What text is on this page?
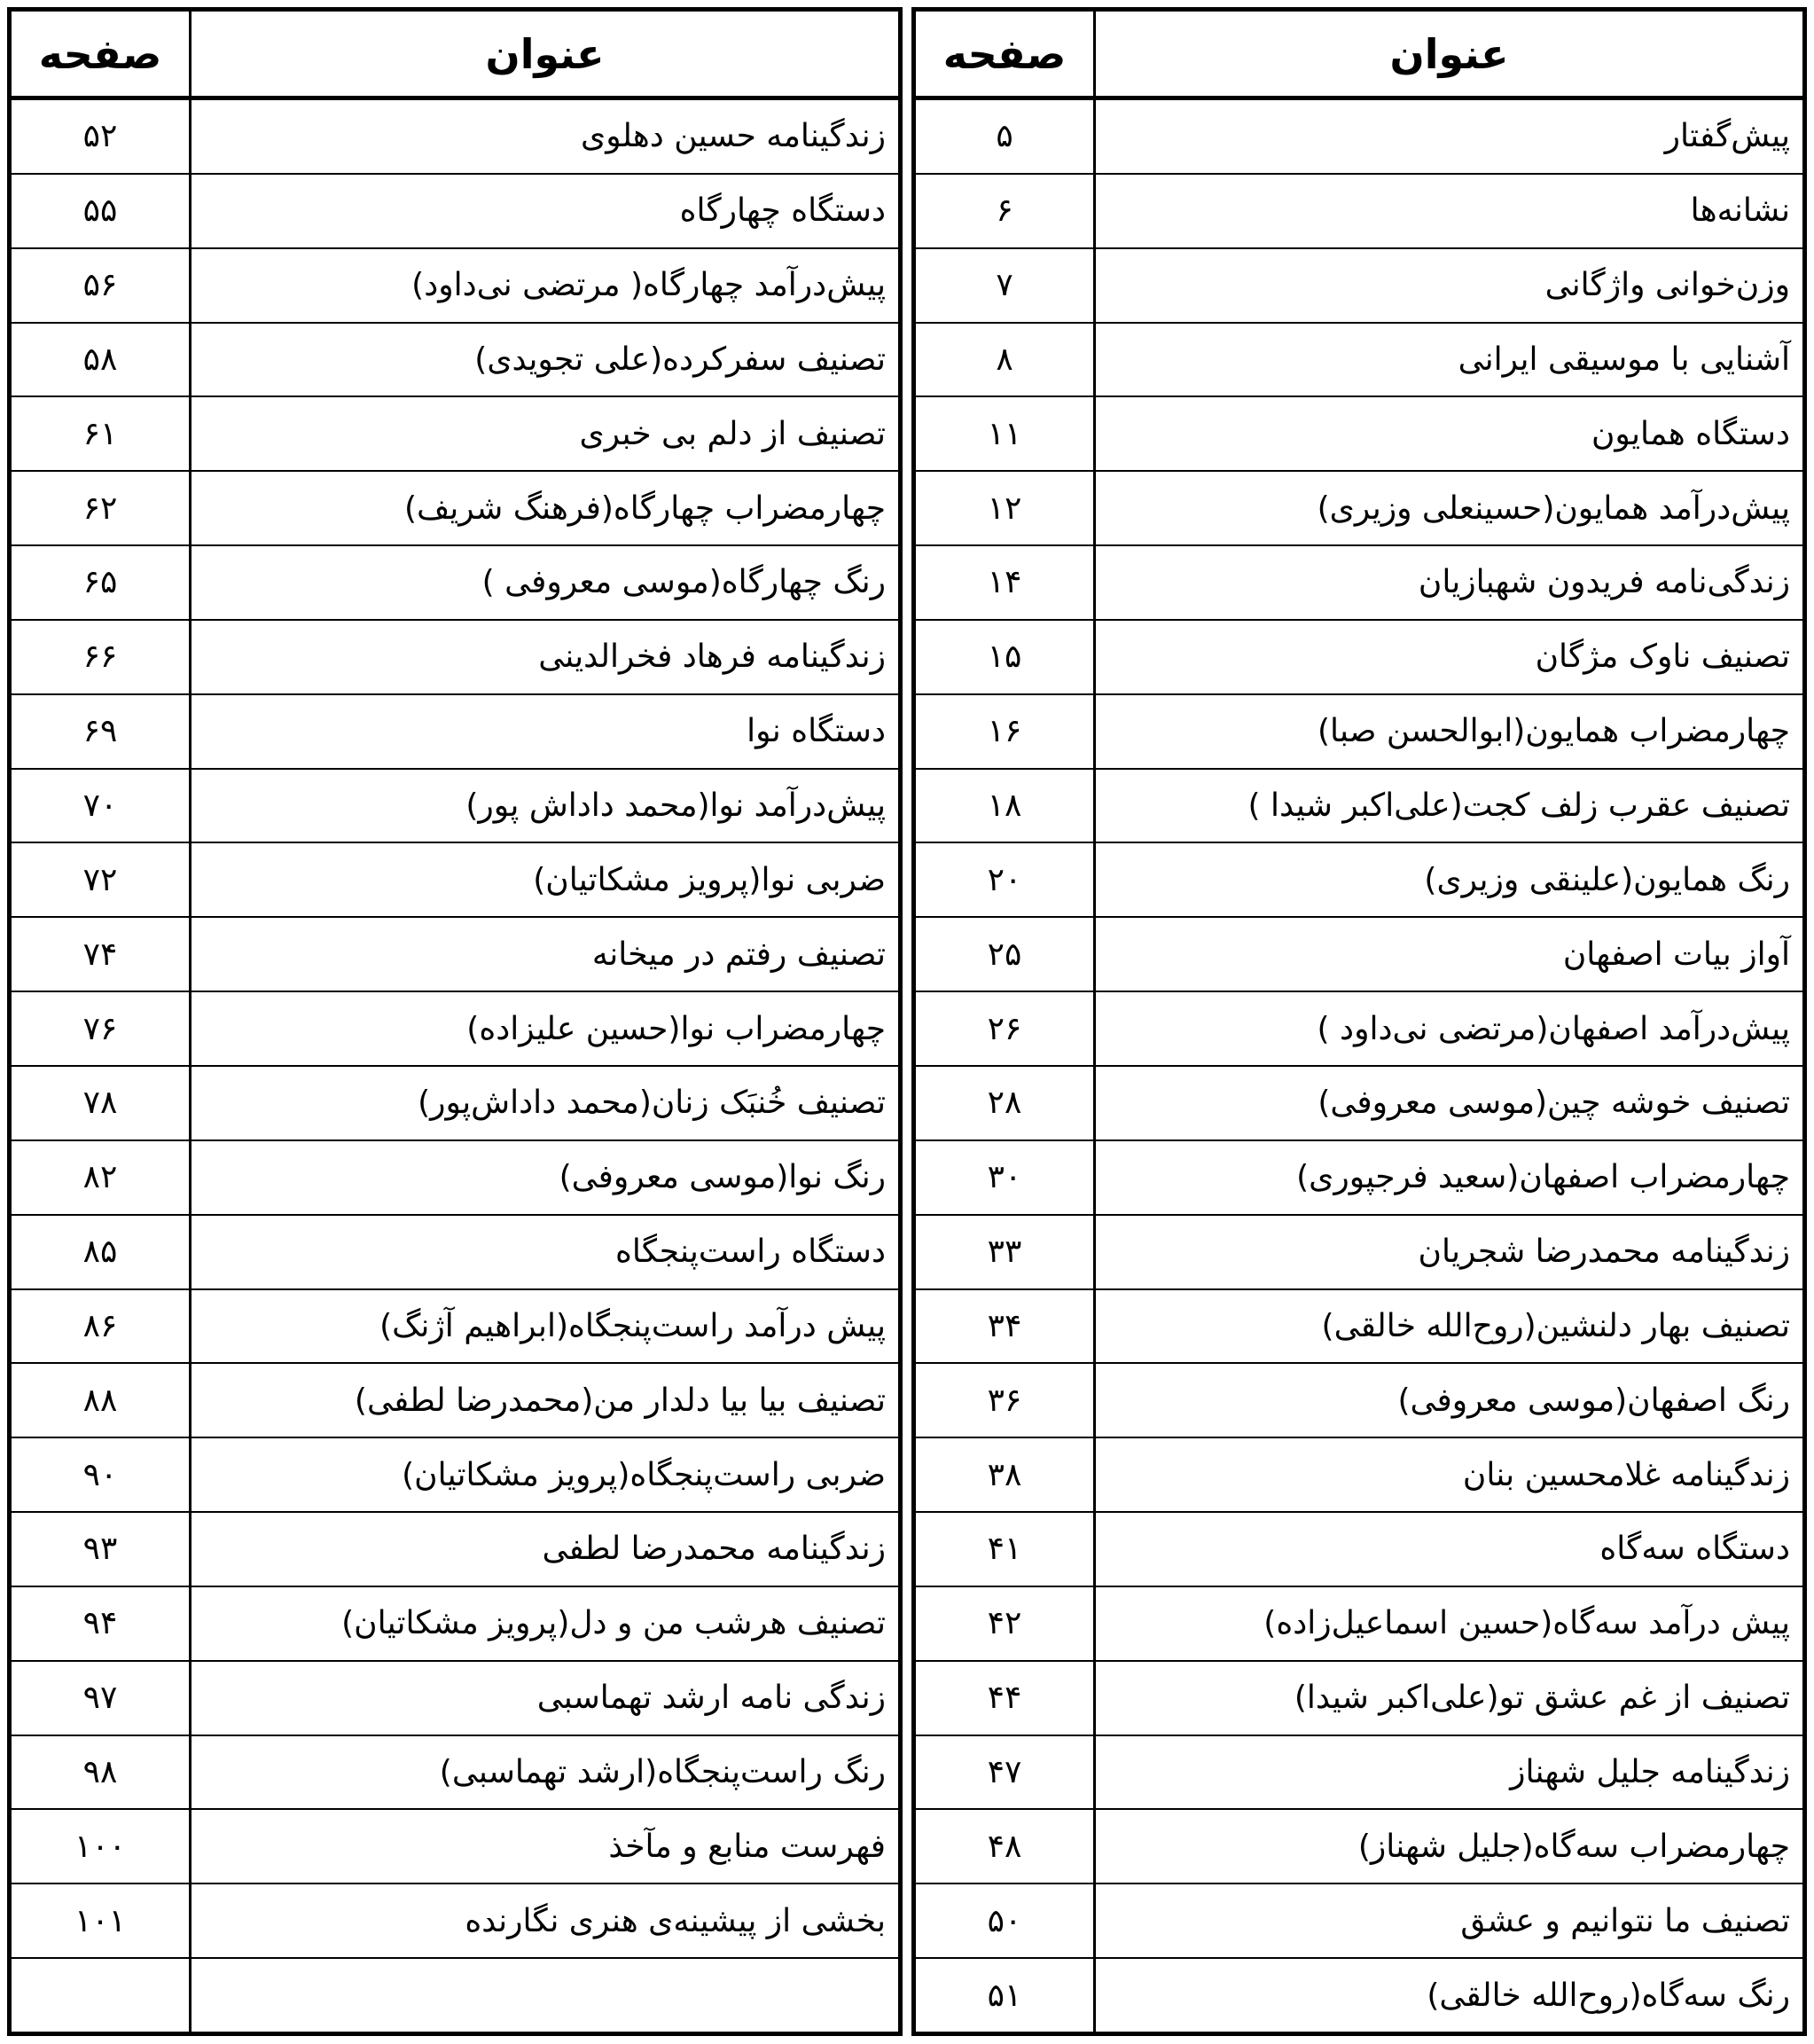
عنوان
صفحه
پیش‌گفتار
۵
نشانه‌ها
۶
وزن‌خوانی واژگانی
۷
آشنایی با موسیقی ایرانی
۸
دستگاه همایون
۱۱
پیش‌درآمد همایون(حسینعلی وزیری)
۱۲
زندگی‌نامه فریدون شهبازیان
۱۴
تصنیف ناوک مژگان
۱۵
چهارمضراب همایون(ابوالحسن صبا)
۱۶
تصنیف عقرب زلف کجت(علی‌اکبر شیدا )
۱۸
رنگ همایون(علینقی وزیری)
۲۰
آواز بیات اصفهان
۲۵
پیش‌درآمد اصفهان(مرتضی نی‌داود )
۲۶
تصنیف خوشه چین(موسی معروفی)
۲۸
چهارمضراب اصفهان(سعید فرجپوری)
۳۰
زندگینامه محمدرضا شجریان
۳۳
تصنیف بهار دلنشین(روح‌الله خالقی)
۳۴
رنگ اصفهان(موسی معروفی)
۳۶
زندگینامه غلامحسین بنان
۳۸
دستگاه سه‌گاه
۴۱
پیش درآمد سه‌گاه(حسین اسماعیل‌زاده)
۴۲
تصنیف از غم عشق تو(علی‌اکبر شیدا)
۴۴
زندگینامه جلیل شهناز
۴۷
چهارمضراب سه‌گاه(جلیل شهناز)
۴۸
تصنیف ما نتوانیم و عشق
۵۰
رنگ سه‌گاه(روح‌الله خالقی)
۵۱
عنوان
صفحه
زندگینامه حسین دهلوی
۵۲
دستگاه چهارگاه
۵۵
پیش‌درآمد چهارگاه( مرتضی نی‌داود)
۵۶
تصنیف سفرکرده(علی تجویدی)
۵۸
تصنیف از دلم بی خبری
۶۱
چهارمضراب چهارگاه(فرهنگ شریف)
۶۲
رنگ چهارگاه(موسی معروفی )
۶۵
زندگینامه فرهاد فخرالدینی
۶۶
دستگاه نوا
۶۹
پیش‌درآمد نوا(محمد داداش پور)
۷۰
ضربی نوا(پرویز مشکاتیان)
۷۲
تصنیف رفتم در میخانه
۷۴
چهارمضراب نوا(حسین علیزاده)
۷۶
تصنیف خُنبَک زنان(محمد داداش‌پور)
۷۸
رنگ نوا(موسی معروفی)
۸۲
دستگاه راست‌پنجگاه
۸۵
پیش درآمد راست‌پنجگاه(ابراهیم آژنگ)
۸۶
تصنیف بیا بیا دلدار من(محمدرضا لطفی)
۸۸
ضربی راست‌پنجگاه(پرویز مشکاتیان)
۹۰
زندگینامه محمدرضا لطفی
۹۳
تصنیف هرشب من و دل(پرویز مشکاتیان)
۹۴
زندگی نامه ارشد تهماسبی
۹۷
رنگ راست‌پنجگاه(ارشد تهماسبی)
۹۸
فهرست منابع و مآخذ
۱۰۰
بخشی از پیشینه‌ی هنری نگارنده
۱۰۱
